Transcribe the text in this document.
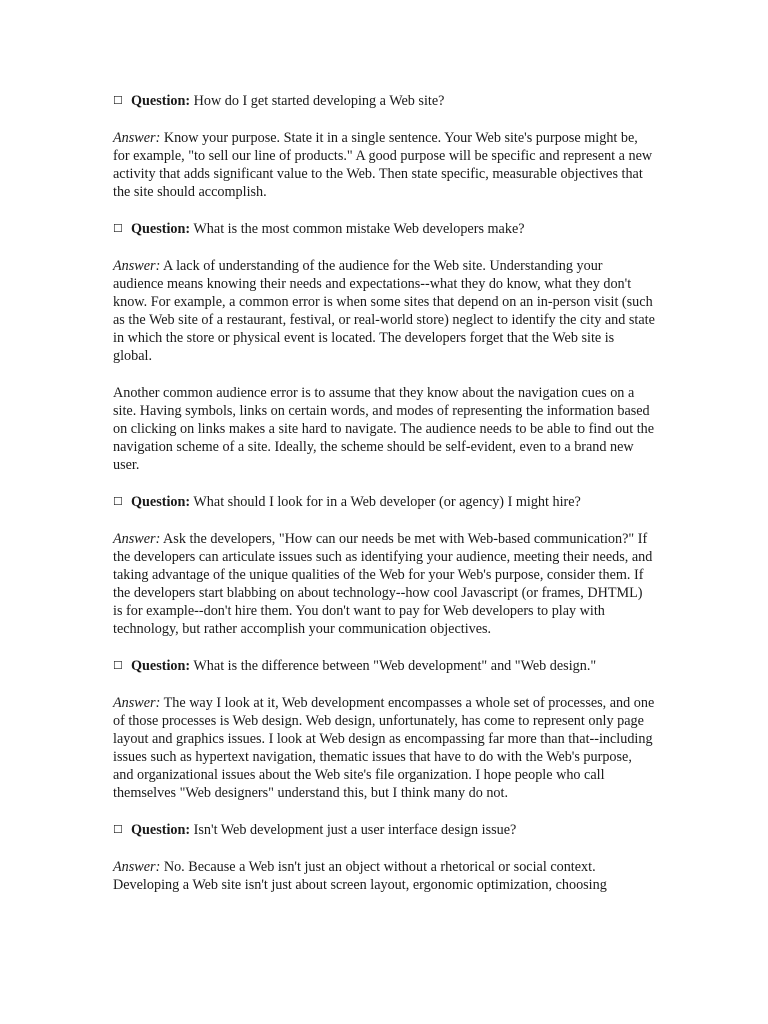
☐ Question: How do I get started developing a Web site?

Answer: Know your purpose. State it in a single sentence. Your Web site's purpose might be, for example, "to sell our line of products." A good purpose will be specific and represent a new activity that adds significant value to the Web. Then state specific, measurable objectives that the site should accomplish.

☐ Question: What is the most common mistake Web developers make?

Answer: A lack of understanding of the audience for the Web site. Understanding your audience means knowing their needs and expectations--what they do know, what they don't know. For example, a common error is when some sites that depend on an in-person visit (such as the Web site of a restaurant, festival, or real-world store) neglect to identify the city and state in which the store or physical event is located. The developers forget that the Web site is global.

Another common audience error is to assume that they know about the navigation cues on a site. Having symbols, links on certain words, and modes of representing the information based on clicking on links makes a site hard to navigate. The audience needs to be able to find out the navigation scheme of a site. Ideally, the scheme should be self-evident, even to a brand new user.

☐ Question: What should I look for in a Web developer (or agency) I might hire?

Answer: Ask the developers, "How can our needs be met with Web-based communication?" If the developers can articulate issues such as identifying your audience, meeting their needs, and taking advantage of the unique qualities of the Web for your Web's purpose, consider them. If the developers start blabbing on about technology--how cool Javascript (or frames, DHTML) is for example--don't hire them. You don't want to pay for Web developers to play with technology, but rather accomplish your communication objectives.

☐ Question: What is the difference between "Web development" and "Web design."

Answer: The way I look at it, Web development encompasses a whole set of processes, and one of those processes is Web design. Web design, unfortunately, has come to represent only page layout and graphics issues. I look at Web design as encompassing far more than that--including issues such as hypertext navigation, thematic issues that have to do with the Web's purpose, and organizational issues about the Web site's file organization. I hope people who call themselves "Web designers" understand this, but I think many do not.

☐ Question: Isn't Web development just a user interface design issue?

Answer: No. Because a Web isn't just an object without a rhetorical or social context. Developing a Web site isn't just about screen layout, ergonomic optimization, choosing
